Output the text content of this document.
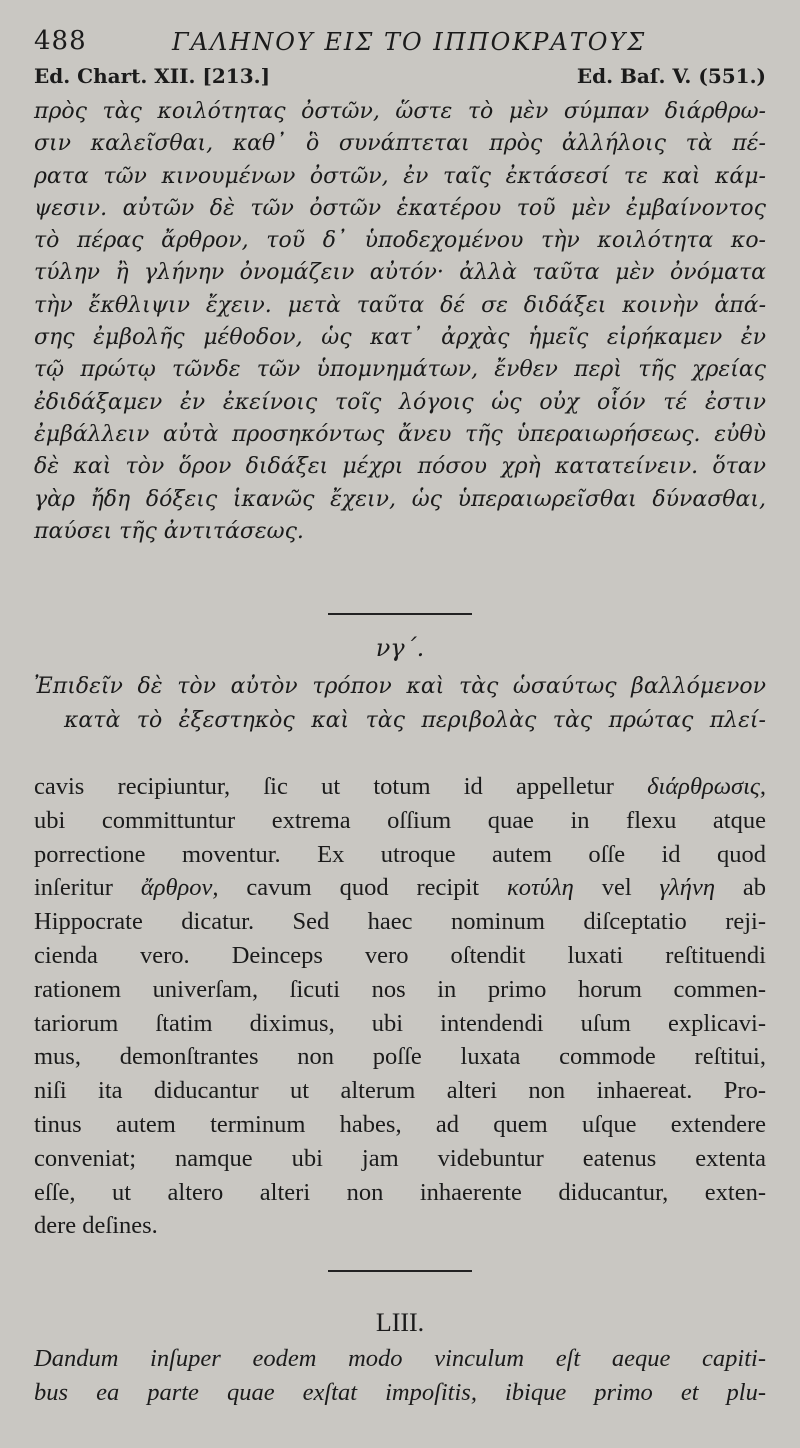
488	ΓΑΛΗΝΟΥ ΕΙΣ ΤΟ ΙΠΠΟΚΡΑΤΟΥΣ
Ed. Chart. XII. [213.]	Ed. Baſ. V. (551.)
πρὸς τὰς κοιλότητας ὀστῶν, ὥστε τὸ μὲν σύμπαν διάρθρω-
σιν καλεῖσθαι, καθ᾽ ὃ συνάπτεται πρὸς ἀλλήλοις τὰ πέ-
ρατα τῶν κινουμένων ὀστῶν, ἐν ταῖς ἐκτάσεσί τε καὶ κάμ-
ψεσιν. αὐτῶν δὲ τῶν ὀστῶν ἑκατέρου τοῦ μὲν ἐμβαίνοντος
τὸ πέρας ἄρθρον, τοῦ δ᾽ ὑποδεχομένου τὴν κοιλότητα κο-
τύλην ἢ γλήνην ὀνομάζειν αὐτόν· ἀλλὰ ταῦτα μὲν ὀνόματα
τὴν ἔκθλιψιν ἔχειν. μετὰ ταῦτα δέ σε διδάξει κοινὴν ἁπά-
σης ἐμβολῆς μέθοδον, ὡς κατ᾽ ἀρχὰς ἡμεῖς εἰρήκαμεν ἐν
τῷ πρώτῳ τῶνδε τῶν ὑπομνημάτων, ἔνθεν περὶ τῆς χρείας
ἐδιδάξαμεν ἐν ἐκείνοις τοῖς λόγοις ὡς οὐχ οἷόν τέ ἐστιν
ἐμβάλλειν αὐτὰ προσηκόντως ἄνευ τῆς ὑπεραιωρήσεως. εὐθὺ
δὲ καὶ τὸν ὅρον διδάξει μέχρι πόσου χρὴ κατατείνειν. ὅταν
γὰρ ἤδη δόξεις ἱκανῶς ἔχειν, ὡς ὑπεραιωρεῖσθαι δύνασθαι,
παύσει τῆς ἀντιτάσεως.
νγ΄.
Ἐπιδεῖν δὲ τὸν αὐτὸν τρόπον καὶ τὰς ὡσαύτως βαλλόμενον
κατὰ τὸ ἐξεστηκὸς καὶ τὰς περιβολὰς τὰς πρώτας πλεί-
cavis recipiuntur, ſic ut totum id appelletur διάρθρωσις,
ubi committuntur extrema oſſium quae in flexu atque
porrectione moventur. Ex utroque autem oſſe id quod
inſeritur ἄρθρον, cavum quod recipit κοτύλη vel γλήνη ab
Hippocrate dicatur. Sed haec nominum diſceptatio reji-
cienda vero. Deinceps vero oſtendit luxati reſtituendi
rationem univerſam, ſicuti nos in primo horum commen-
tariorum ſtatim diximus, ubi intendendi uſum explicavi-
mus, demonſtrantes non poſſe luxata commode reſtitui,
niſi ita diducantur ut alterum alteri non inhaereat. Pro-
tinus autem terminum habes, ad quem uſque extendere
conveniat; namque ubi jam videbuntur eatenus extenta
eſſe, ut altero alteri non inhaerente diducantur, exten-
dere deſines.
LIII.
Dandum inſuper eodem modo vinculum eſt aeque capiti-
bus ea parte quae exſtat impoſitis, ibique primo et plu-
